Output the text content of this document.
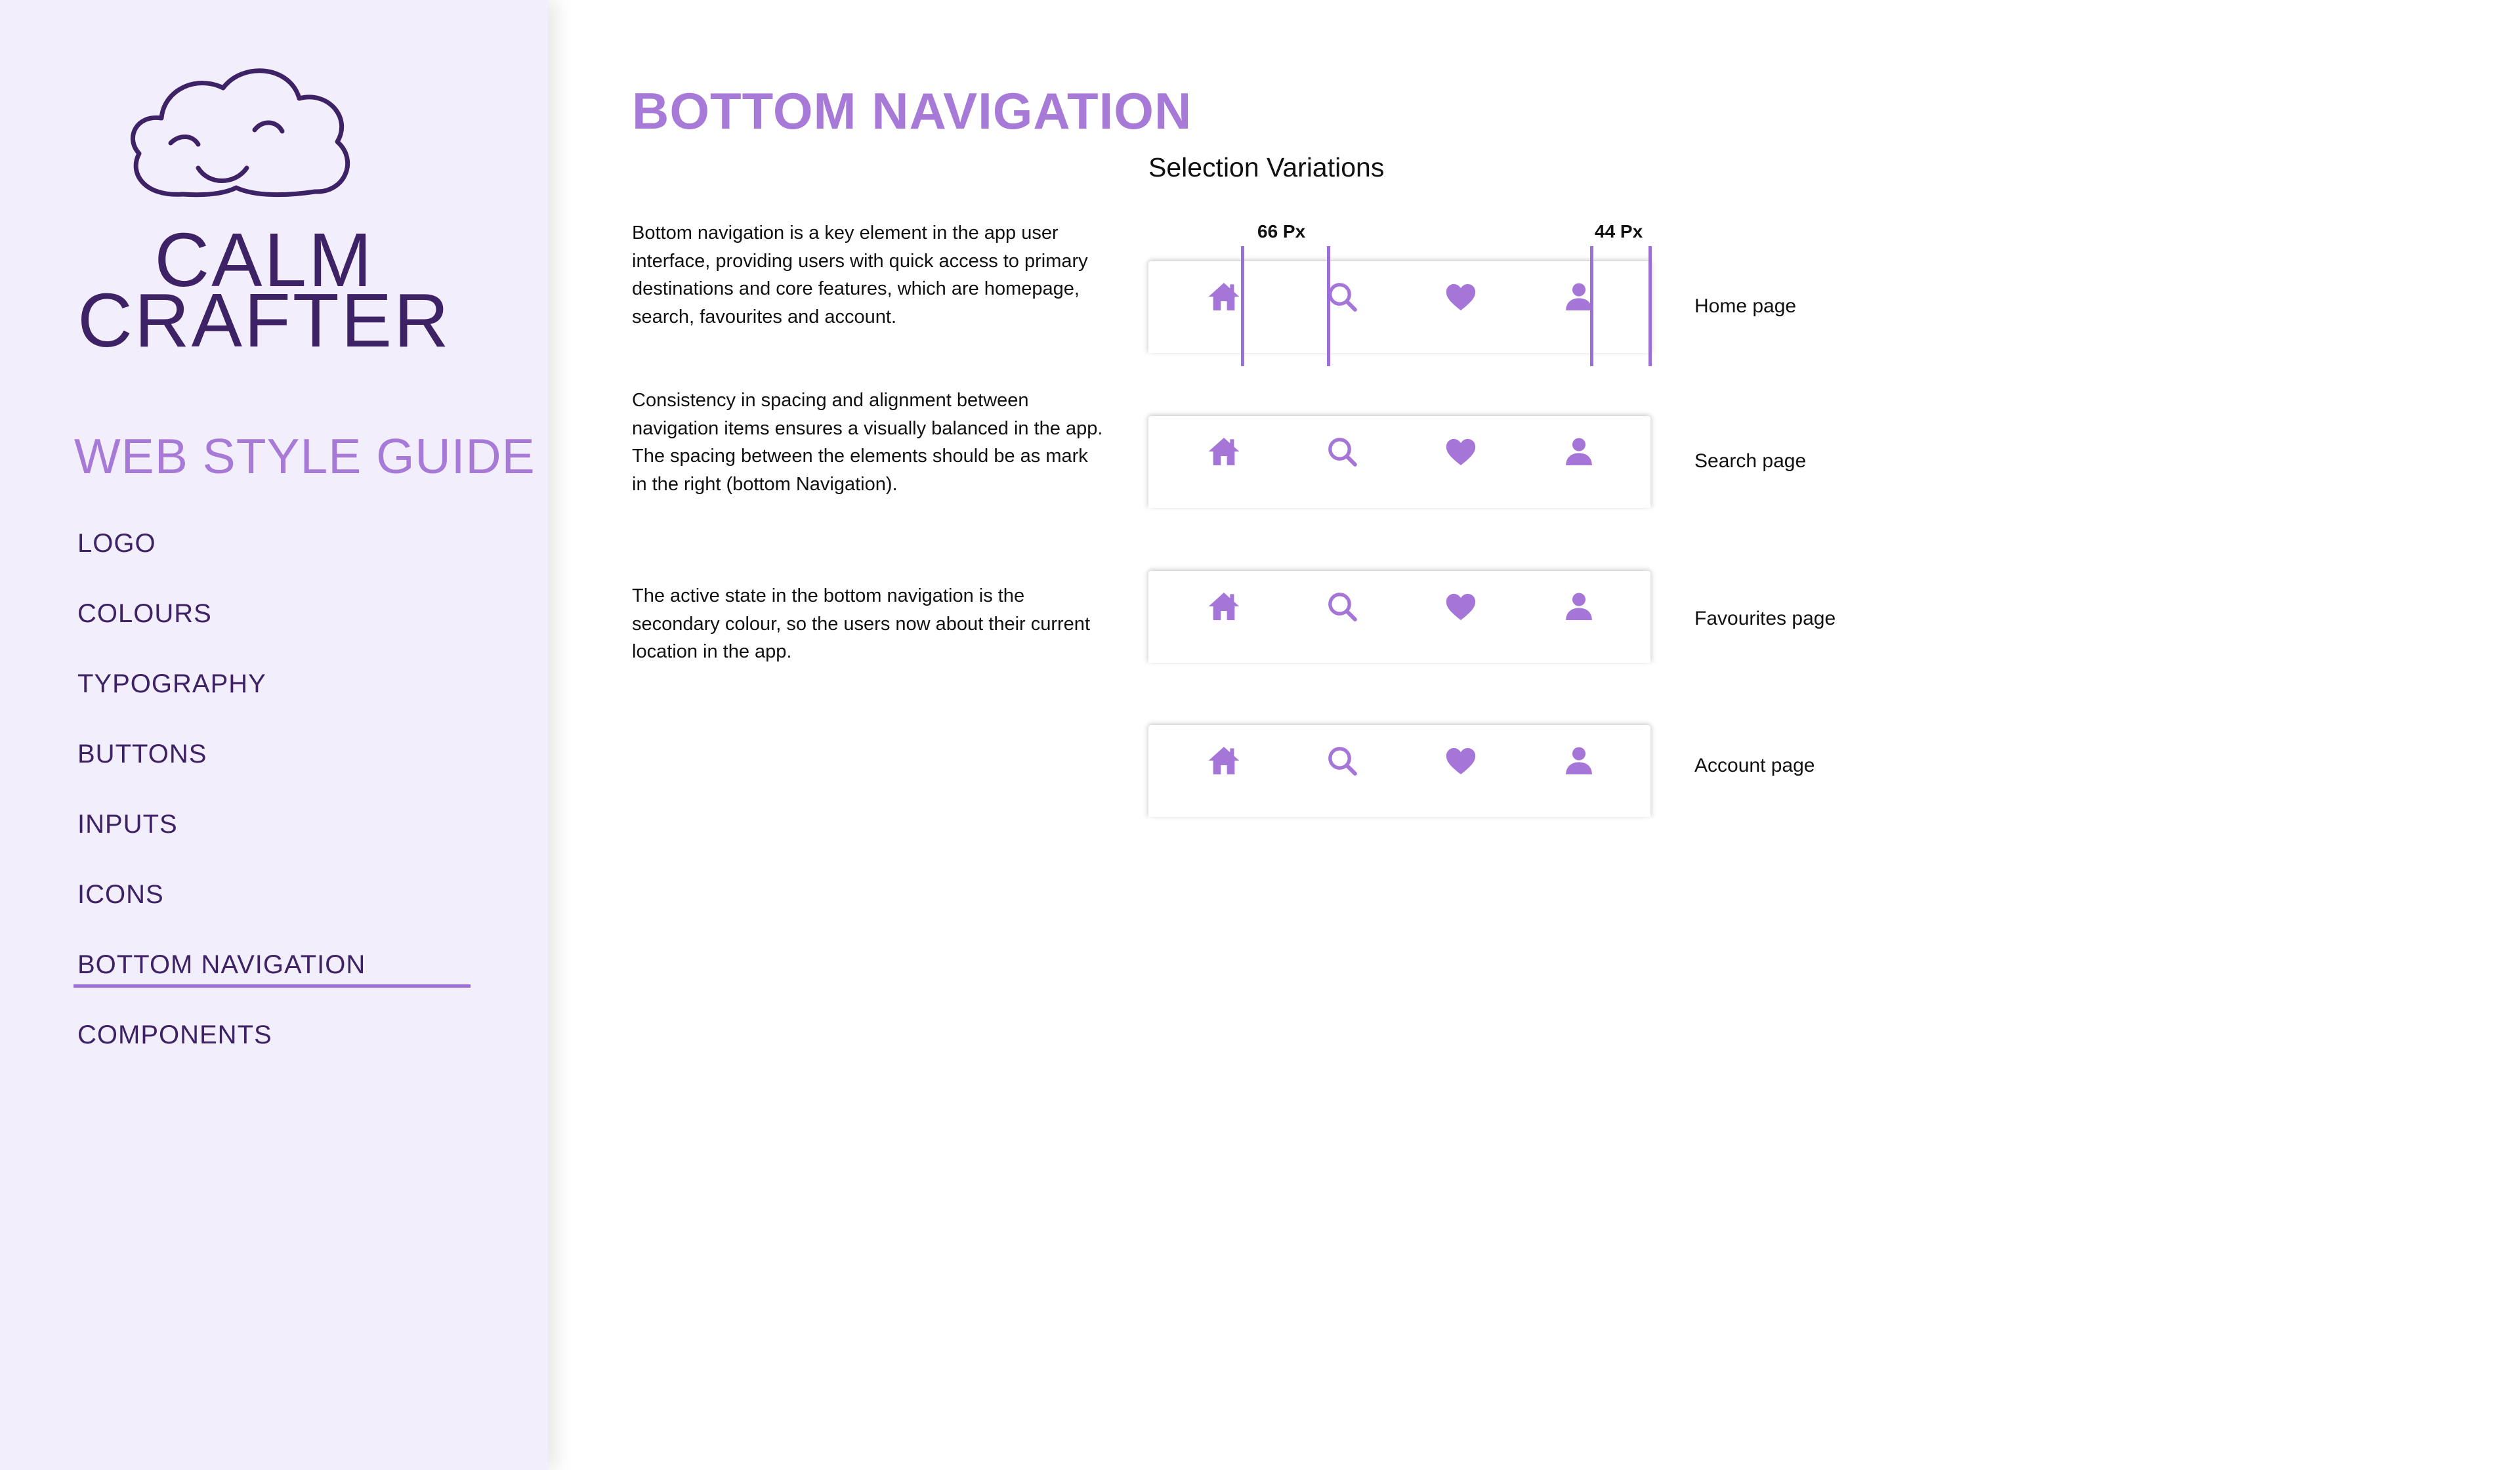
CALM
CRAFTER
WEB STYLE GUIDE
LOGO
COLOURS
TYPOGRAPHY
BUTTONS
INPUTS
ICONS
BOTTOM NAVIGATION
COMPONENTS
BOTTOM NAVIGATION
Selection Variations

Bottom navigation is a key element in the app user interface, providing users with quick access to primary destinations and core features, which are homepage, search, favourites and account.

Consistency in spacing and alignment between navigation items ensures a visually balanced in the app. The spacing between the elements should be as mark in the right (bottom Navigation).

The active state in the bottom navigation is the secondary colour, so the users now about their current location in the app.

66 Px	44 Px
Home page
Search page
Favourites page
Account page
